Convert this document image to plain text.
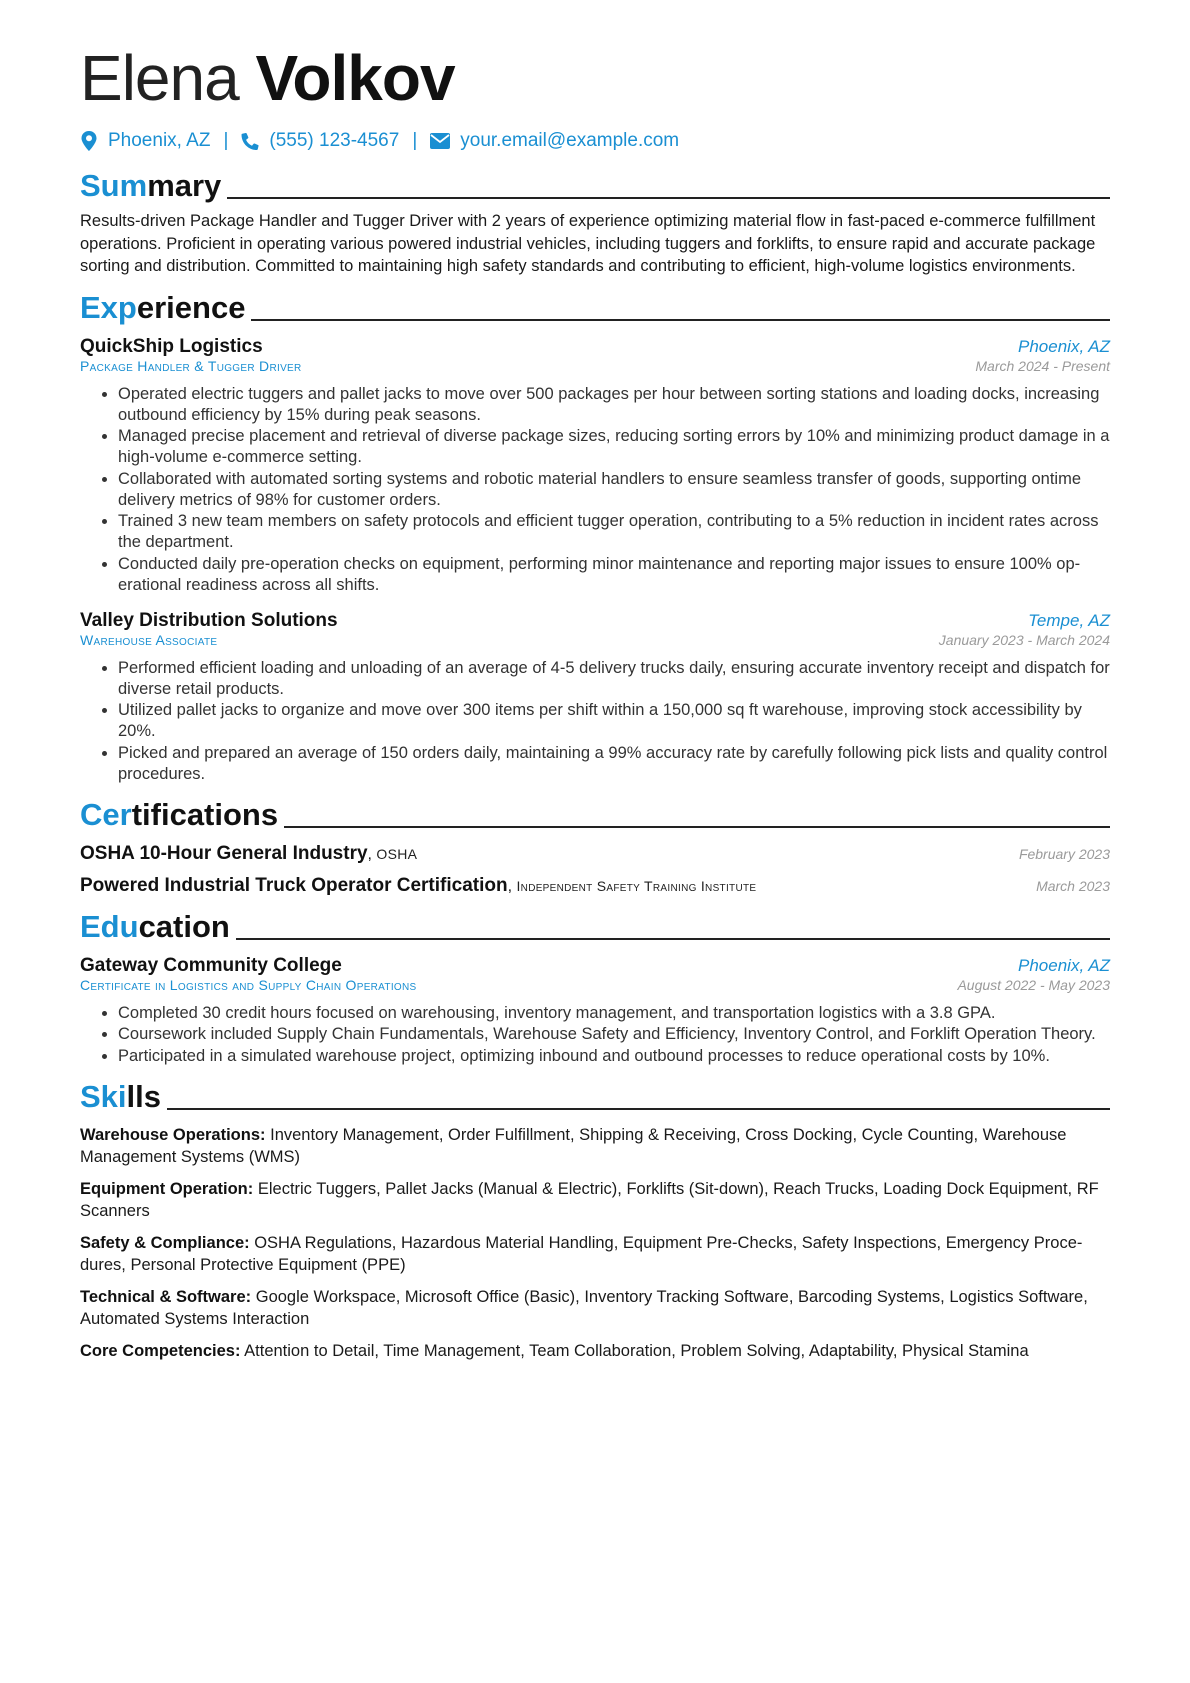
Elena Volkov
Phoenix, AZ | (555) 123-4567 | your.email@example.com
Summary
Results-driven Package Handler and Tugger Driver with 2 years of experience optimizing material flow in fast-paced e-commerce fulfillment operations. Proficient in operating various powered industrial vehicles, including tuggers and forklifts, to ensure rapid and accurate package sorting and distribution. Committed to maintaining high safety standards and contributing to efficient, high-volume logistics environments.
Experience
QuickShip Logistics	Phoenix, AZ
Package Handler & Tugger Driver	March 2024 - Present
• Operated electric tuggers and pallet jacks to move over 500 packages per hour between sorting stations and loading docks, increasing outbound efficiency by 15% during peak seasons.
• Managed precise placement and retrieval of diverse package sizes, reducing sorting errors by 10% and minimizing product damage in a high-volume e-commerce setting.
• Collaborated with automated sorting systems and robotic material handlers to ensure seamless transfer of goods, supporting ontime delivery metrics of 98% for customer orders.
• Trained 3 new team members on safety protocols and efficient tugger operation, contributing to a 5% reduction in incident rates across the department.
• Conducted daily pre-operation checks on equipment, performing minor maintenance and reporting major issues to ensure 100% operational readiness across all shifts.
Valley Distribution Solutions	Tempe, AZ
Warehouse Associate	January 2023 - March 2024
• Performed efficient loading and unloading of an average of 4-5 delivery trucks daily, ensuring accurate inventory receipt and dispatch for diverse retail products.
• Utilized pallet jacks to organize and move over 300 items per shift within a 150,000 sq ft warehouse, improving stock accessibility by 20%.
• Picked and prepared an average of 150 orders daily, maintaining a 99% accuracy rate by carefully following pick lists and quality control procedures.
Certifications
OSHA 10-Hour General Industry, OSHA	February 2023
Powered Industrial Truck Operator Certification, Independent Safety Training Institute	March 2023
Education
Gateway Community College	Phoenix, AZ
Certificate in Logistics and Supply Chain Operations	August 2022 - May 2023
• Completed 30 credit hours focused on warehousing, inventory management, and transportation logistics with a 3.8 GPA.
• Coursework included Supply Chain Fundamentals, Warehouse Safety and Efficiency, Inventory Control, and Forklift Operation Theory.
• Participated in a simulated warehouse project, optimizing inbound and outbound processes to reduce operational costs by 10%.
Skills
Warehouse Operations: Inventory Management, Order Fulfillment, Shipping & Receiving, Cross Docking, Cycle Counting, Warehouse Management Systems (WMS)
Equipment Operation: Electric Tuggers, Pallet Jacks (Manual & Electric), Forklifts (Sit-down), Reach Trucks, Loading Dock Equipment, RF Scanners
Safety & Compliance: OSHA Regulations, Hazardous Material Handling, Equipment Pre-Checks, Safety Inspections, Emergency Procedures, Personal Protective Equipment (PPE)
Technical & Software: Google Workspace, Microsoft Office (Basic), Inventory Tracking Software, Barcoding Systems, Logistics Software, Automated Systems Interaction
Core Competencies: Attention to Detail, Time Management, Team Collaboration, Problem Solving, Adaptability, Physical Stamina
